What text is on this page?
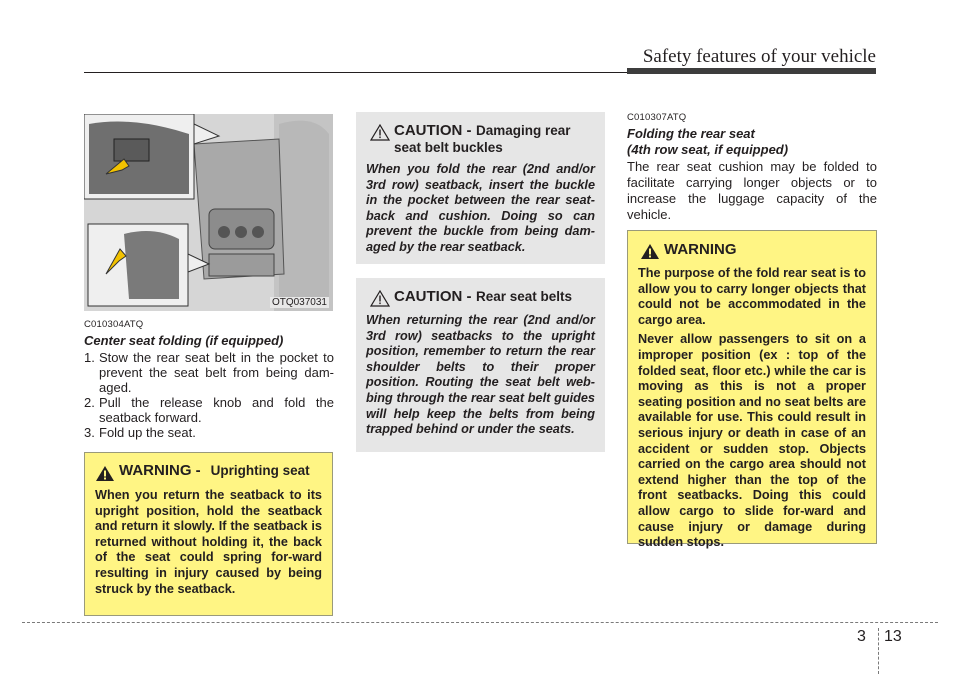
Safety features of your vehicle
OTQ037031
C010304ATQ
Center seat folding (if equipped)
1. Stow the rear seat belt in the pocket to prevent the seat belt from being dam-aged.
2. Pull the release knob and fold the seatback forward.
3. Fold up the seat.
WARNING - Uprighting seat
When you return the seatback to its upright position, hold the seatback and return it slowly. If the seatback is returned without holding it, the back of the seat could spring for-ward resulting in injury caused by being struck by the seatback.
CAUTION - Damaging rear seat belt buckles
When you fold the rear (2nd and/or 3rd row) seatback, insert the buckle in the pocket between the rear seat-back and cushion. Doing so can prevent the buckle from being dam-aged by the rear seatback.
CAUTION - Rear seat belts
When returning the rear (2nd and/or 3rd row) seatbacks to the upright position, remember to return the rear shoulder belts to their proper position. Routing the seat belt web-bing through the rear seat belt guides will help keep the belts from being trapped behind or under the seats.
C010307ATQ
Folding the rear seat
(4th row seat, if equipped)
The rear seat cushion may be folded to facilitate carrying longer objects or to increase the luggage capacity of the vehicle.
WARNING
The purpose of the fold rear seat is to allow you to carry longer objects that could not be accommodated in the cargo area.
Never allow passengers to sit on a improper position (ex : top of the folded seat, floor etc.) while the car is moving as this is not a proper seating position and no seat belts are available for use. This could result in serious injury or death in case of an accident or sudden stop. Objects carried on the cargo area should not extend higher than the top of the front seatbacks. Doing this could allow cargo to slide for-ward and cause injury or damage during sudden stops.
3 13
